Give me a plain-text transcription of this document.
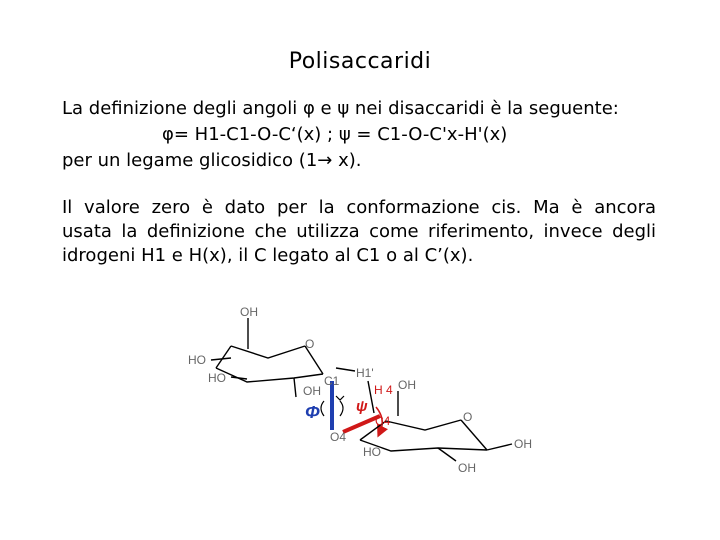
Polisaccaridi
La definizione degli angoli φ e ψ nei disaccaridi è la seguente:
φ= H1-C1-O-C‘(x) ; ψ = C1-O-C'x-H'(x)
per un legame glicosidico (1→ x).
Il valore zero è dato per la conformazione cis. Ma è ancora
usata la definizione che utilizza come riferimento, invece degli
idrogeni H1 e H(x), il C legato al C1 o al C’(x).
OH
O
HO
HO
OH
C1
H1'
H 4 OH
Φ ψ
C4	O
O4
HO
OH
OH
